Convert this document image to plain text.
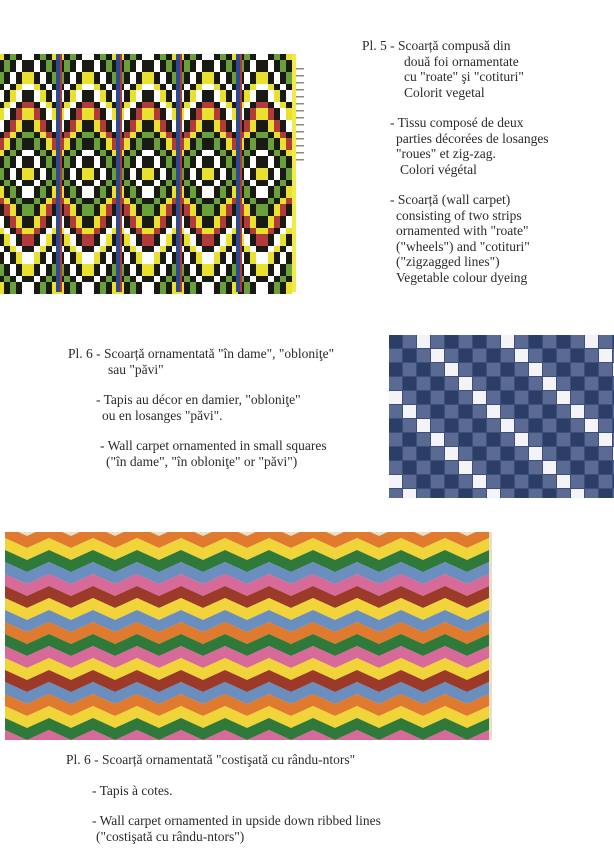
Pl. 5 - Scoarță compusă din
două foi ornamentate
cu "roate" şi "cotituri"
Colorit vegetal
- Tissu composé de deux
parties décorées de losanges
"roues" et zig-zag.
Colori végétal
- Scoarță (wall carpet)
consisting of two strips
ornamented with "roate"
("wheels") and "cotituri"
("zigzagged lines")
Vegetable colour dyeing
Pl. 6 - Scoarță ornamentată "în dame", "obloniţe"
sau "păvi"
- Tapis au décor en damier, "obloniţe"
ou en losanges "păvi".
- Wall carpet ornamented in small squares
("în dame", "în obloniţe" or "păvi")
Pl. 6 - Scoarță ornamentată "costişată cu rându-ntors"
- Tapis à cotes.
- Wall carpet ornamented in upside down ribbed lines
("costişată cu rându-ntors")
